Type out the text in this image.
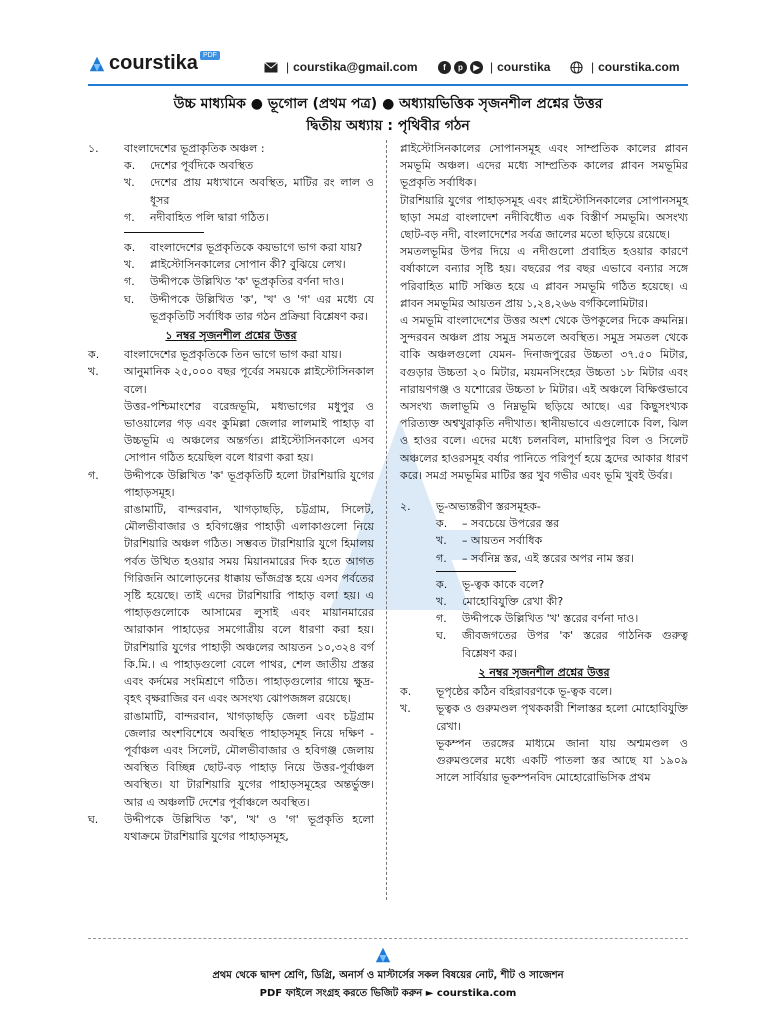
courstika PDF
| courstika@gmail.com	f	p	▶ | courstika	| courstika.com
উচ্চ মাধ্যমিক ● ভূগোল (প্রথম পত্র) ● অধ্যায়ভিত্তিক সৃজনশীল প্রশ্নের উত্তর
দ্বিতীয় অধ্যায় : পৃথিবীর গঠন
১.	বাংলাদেশের ভূপ্রাকৃতিক অঞ্চল :
ক.	দেশের পূর্বদিকে অবস্থিত
খ.	দেশের প্রায় মধ্যখানে অবস্থিত, মাটির রং লাল ও ধূসর
গ.	নদীবাহিত পলি দ্বারা গঠিত।
ক.	বাংলাদেশের ভূপ্রকৃতিকে কয়ভাগে ভাগ করা যায়?
খ.	প্লাইস্টোসিনকালের সোপান কী? বুঝিয়ে লেখ।
গ.	উদ্দীপকে উল্লিখিত 'ক' ভূপ্রকৃতির বর্ণনা দাও।
ঘ.	উদ্দীপকে উল্লিখিত 'ক', 'খ' ও 'গ' এর মধ্যে যে ভূপ্রকৃতিটি সর্বাধিক তার গঠন প্রক্রিয়া বিশ্লেষণ কর।
১ নম্বর সৃজনশীল প্রশ্নের উত্তর
ক.	বাংলাদেশের ভূপ্রকৃতিকে তিন ভাগে ভাগ করা যায়।
খ.	আনুমানিক ২৫,০০০ বছর পূর্বের সময়কে প্লাইস্টোসিনকাল বলে।
উত্তর-পশ্চিমাংশের বরেন্দ্রভূমি, মধ্যভাগের মধুপুর ও ভাওয়ালের গড় এবং কুমিল্লা জেলার লালমাই পাহাড় বা উচ্চভূমি এ অঞ্চলের অন্তর্গত। প্লাইস্টোসিনকালে এসব সোপান গঠিত হয়েছিল বলে ধারণা করা হয়।
গ.	উদ্দীপকে উল্লিখিত 'ক' ভূপ্রকৃতিটি হলো টারশিয়ারি যুগের পাহাড়সমূহ।
রাঙামাটি, বান্দরবান, খাগড়াছড়ি, চট্টগ্রাম, সিলেট, মৌলভীবাজার ও হবিগঞ্জের পাহাড়ী এলাকাগুলো নিয়ে টারশিয়ারি অঞ্চল গঠিত। সম্ভবত টারশিয়ারি যুগে হিমালয় পর্বত উত্থিত হওয়ার সময় মিয়ানমারের দিক হতে আগত গিরিজনি আলোড়নের ধাক্কায় ভাঁজগ্রস্ত হয়ে এসব পর্বতের সৃষ্টি হয়েছে। তাই এদের টারশিয়ারি পাহাড় বলা হয়। এ পাহাড়গুলোকে আসামের লুসাই এবং মায়ানমারের আরাকান পাহাড়ের সমগোত্রীয় বলে ধারণা করা হয়। টারশিয়ারি যুগের পাহাড়ী অঞ্চলের আয়তন ১০,৩২৪ বর্গ কি.মি.। এ পাহাড়গুলো বেলে পাথর, শেল জাতীয় প্রস্তর এবং কর্দমের সংমিশ্রণে গঠিত। পাহাড়গুলোর গায়ে ক্ষুদ্র-বৃহৎ বৃক্ষরাজির বন এবং অসংখ্য ঝোপজঙ্গল রয়েছে।
রাঙামাটি, বান্দরবান, খাগড়াছড়ি জেলা এবং চট্টগ্রাম জেলার অংশবিশেষে অবস্থিত পাহাড়সমূহ নিয়ে দক্ষিণ - পূর্বাঞ্চল এবং সিলেট, মৌলভীবাজার ও হবিগঞ্জ জেলায় অবস্থিত বিচ্ছিন্ন ছোট-বড় পাহাড় নিয়ে উত্তর-পূর্বাঞ্চল অবস্থিত। যা টারশিয়ারি যুগের পাহাড়সমূহের অন্তর্ভুক্ত। আর এ অঞ্চলটি দেশের পূর্বাঞ্চলে অবস্থিত।
ঘ.	উদ্দীপকে উল্লিখিত 'ক', 'খ' ও 'গ' ভূপ্রকৃতি হলো যথাক্রমে টারশিয়ারি যুগের পাহাড়সমূহ,
প্লাইস্টোসিনকালের সোপানসমূহ এবং সাম্প্রতিক কালের প্লাবন সমভূমি অঞ্চল। এদের মধ্যে সাম্প্রতিক কালের প্লাবন সমভূমির ভূপ্রকৃতি সর্বাধিক।
টারশিয়ারি যুগের পাহাড়সমূহ এবং প্লাইস্টোসিনকালের সোপানসমূহ ছাড়া সমগ্র বাংলাদেশ নদীবিধৌত এক বিস্তীর্ণ সমভূমি। অসংখ্য ছোট-বড় নদী, বাংলাদেশের সর্বত্র জালের মতো ছড়িয়ে রয়েছে।
সমতলভূমির উপর দিয়ে এ নদীগুলো প্রবাহিত হওয়ার কারণে বর্ষাকালে বন্যার সৃষ্টি হয়। বছরের পর বছর এভাবে বন্যার সঙ্গে পরিবাহিত মাটি সঞ্চিত হয়ে এ প্লাবন সমভূমি গঠিত হয়েছে। এ প্লাবন সমভূমির আয়তন প্রায় ১,২৪,২৬৬ বর্গকিলোমিটার।
এ সমভূমি বাংলাদেশের উত্তর অংশ থেকে উপকূলের দিকে ক্রমনিম্ন। সুন্দরবন অঞ্চল প্রায় সমুদ্র সমতলে অবস্থিত। সমুদ্র সমতল থেকে বাকি অঞ্চলগুলো যেমন- দিনাজপুরের উচ্চতা ৩৭.৫০ মিটার, বগুড়ার উচ্চতা ২০ মিটার, ময়মনসিংহের উচ্চতা ১৮ মিটার এবং নারায়ণগঞ্জ ও যশোরের উচ্চতা ৮ মিটার। এই অঞ্চলে বিক্ষিপ্তভাবে অসংখ্য জলাভূমি ও নিম্নভূমি ছড়িয়ে আছে। এর কিছুসংখ্যক পরিত্যক্ত অশ্বখুরাকৃতি নদীখাত। স্থানীয়ভাবে এগুলোকে বিল, ঝিল ও হাওর বলে। এদের মধ্যে চলনবিল, মাদারিপুর বিল ও সিলেট অঞ্চলের হাওরসমূহ বর্ষার পানিতে পরিপূর্ণ হয়ে হ্রদের আকার ধারণ করে। সমগ্র সমভূমির মাটির স্তর খুব গভীর এবং ভূমি খুবই উর্বর।
২.	ভূ-অভ্যন্তরীণ স্তরসমূহক-
ক.	– সবচেয়ে উপরের স্তর
খ.	– আয়তন সর্বাধিক
গ.	– সর্বনিম্ন স্তর, এই স্তরের অপর নাম স্তর।
ক.	ভূ-ত্বক কাকে বলে?
খ.	মোহোবিযুক্তি রেখা কী?
গ.	উদ্দীপকে উল্লিখিত 'খ' স্তরের বর্ণনা দাও।
ঘ.	জীবজগতের উপর 'ক' স্তরের গাঠনিক গুরুত্ব বিশ্লেষণ কর।
২ নম্বর সৃজনশীল প্রশ্নের উত্তর
ক.	ভূপৃষ্ঠের কঠিন বহিরাবরণকে ভূ-ত্বক বলে।
খ.	ভূত্বক ও গুরুমণ্ডল পৃথককারী শিলাস্তর হলো মোহোবিযুক্তি রেখা।
ভূকম্পন তরঙ্গের মাধ্যমে জানা যায় অশ্মমণ্ডল ও গুরুমণ্ডলের মধ্যে একটি পাতলা স্তর আছে যা ১৯০৯ সালে সার্বিয়ার ভূকম্পনবিদ মোহোরোভিসিক প্রথম
প্রথম থেকে দ্বাদশ শ্রেণি, ডিগ্রি, অনার্স ও মাস্টার্সের সকল বিষয়ের নোট, শীট ও সাজেশন
PDF ফাইলে সংগ্রহ করতে ভিজিট করুন ► courstika.com
